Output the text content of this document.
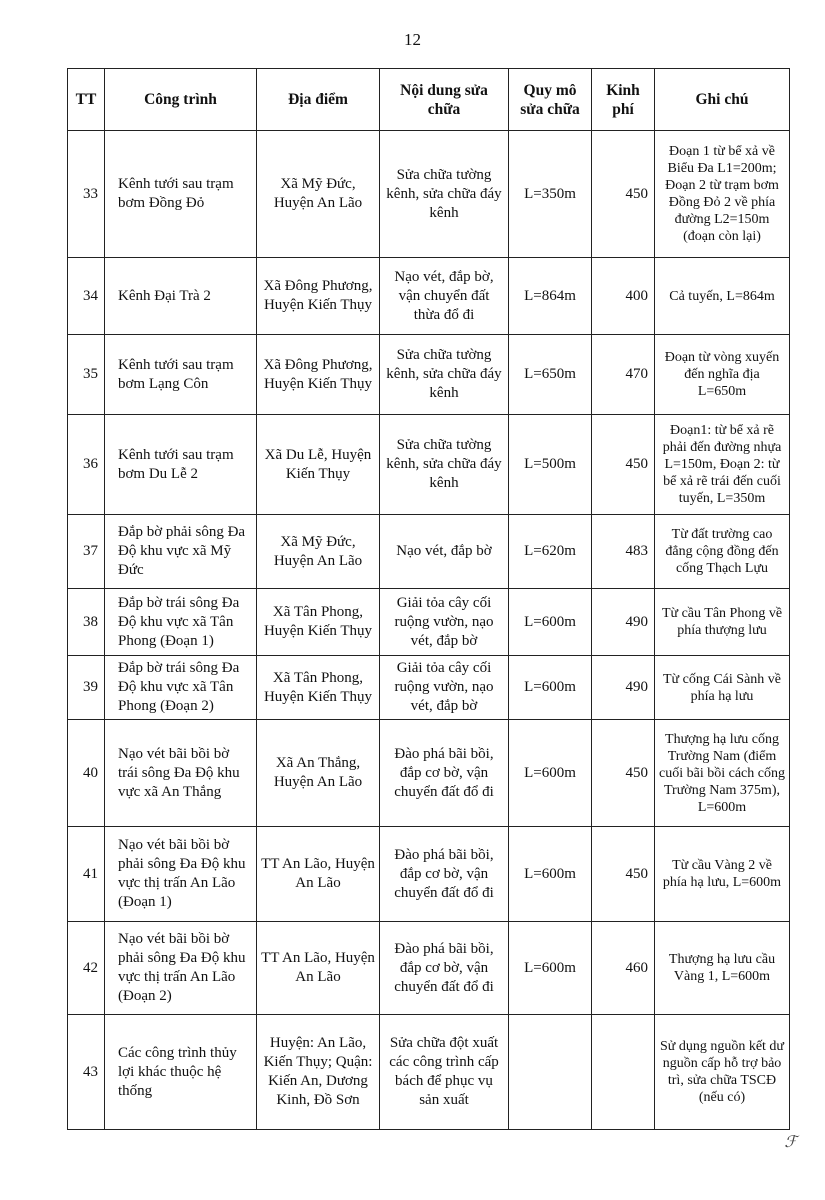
12
TT	Công trình	Địa điểm	Nội dung sửa chữa	Quy mô sửa chữa	Kinh phí	Ghi chú
33	Kênh tưới sau trạm bơm Đồng Đỏ	Xã Mỹ Đức, Huyện An Lão	Sửa chữa tường kênh, sửa chữa đáy kênh	L=350m	450	Đoạn 1 từ bể xả về Biểu Đa L1=200m; Đoạn 2 từ trạm bơm Đồng Đỏ 2 về phía đường L2=150m (đoạn còn lại)
34	Kênh Đại Trà 2	Xã Đông Phương, Huyện Kiến Thụy	Nạo vét, đắp bờ, vận chuyển đất thừa đổ đi	L=864m	400	Cả tuyến, L=864m
35	Kênh tưới sau trạm bơm Lạng Côn	Xã Đông Phương, Huyện Kiến Thụy	Sửa chữa tường kênh, sửa chữa đáy kênh	L=650m	470	Đoạn từ vòng xuyến đến nghĩa địa L=650m
36	Kênh tưới sau trạm bơm Du Lễ 2	Xã Du Lễ, Huyện Kiến Thụy	Sửa chữa tường kênh, sửa chữa đáy kênh	L=500m	450	Đoạn1: từ bể xả rẽ phải đến đường nhựa L=150m, Đoạn 2: từ bể xả rẽ trái đến cuối tuyến, L=350m
37	Đắp bờ phải sông Đa Độ khu vực xã Mỹ Đức	Xã Mỹ Đức, Huyện An Lão	Nạo vét, đắp bờ	L=620m	483	Từ đất trường cao đẳng cộng đồng đến cống Thạch Lựu
38	Đắp bờ trái sông Đa Độ khu vực xã Tân Phong (Đoạn 1)	Xã Tân Phong, Huyện Kiến Thụy	Giải tỏa cây cối ruộng vườn, nạo vét, đắp bờ	L=600m	490	Từ cầu Tân Phong về phía thượng lưu
39	Đắp bờ trái sông Đa Độ khu vực xã Tân Phong (Đoạn 2)	Xã Tân Phong, Huyện Kiến Thụy	Giải tỏa cây cối ruộng vườn, nạo vét, đắp bờ	L=600m	490	Từ cống Cái Sành về phía hạ lưu
40	Nạo vét bãi bồi bờ trái sông Đa Độ khu vực xã An Thắng	Xã An Thắng, Huyện An Lão	Đào phá bãi bồi, đắp cơ bờ, vận chuyển đất đổ đi	L=600m	450	Thượng hạ lưu cống Trường Nam (điểm cuối bãi bồi cách cống Trường Nam 375m), L=600m
41	Nạo vét bãi bồi bờ phải sông Đa Độ khu vực thị trấn An Lão (Đoạn 1)	TT An Lão, Huyện An Lão	Đào phá bãi bồi, đắp cơ bờ, vận chuyển đất đổ đi	L=600m	450	Từ cầu Vàng 2 về phía hạ lưu, L=600m
42	Nạo vét bãi bồi bờ phải sông Đa Độ khu vực thị trấn An Lão (Đoạn 2)	TT An Lão, Huyện An Lão	Đào phá bãi bồi, đắp cơ bờ, vận chuyển đất đổ đi	L=600m	460	Thượng hạ lưu cầu Vàng 1, L=600m
43	Các công trình thủy lợi khác thuộc hệ thống	Huyện: An Lão, Kiến Thụy; Quận: Kiến An, Dương Kinh, Đồ Sơn	Sửa chữa đột xuất các công trình cấp bách để phục vụ sản xuất			Sử dụng nguồn kết dư nguồn cấp hỗ trợ bảo trì, sửa chữa TSCĐ (nếu có)
ℱ
